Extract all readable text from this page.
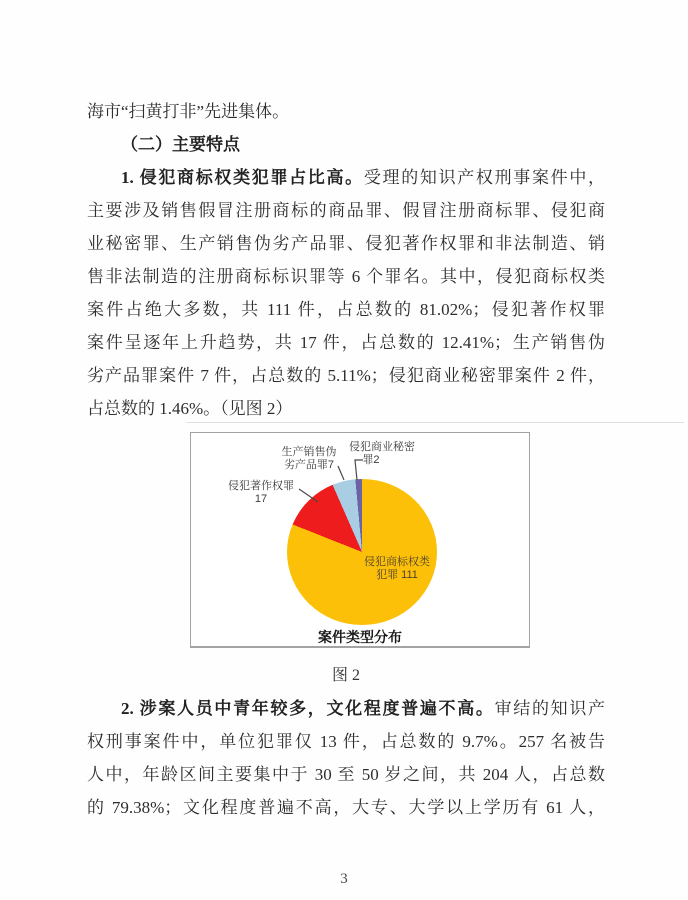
海市“扫黄打非”先进集体。
（二）主要特点
1. 侵犯商标权类犯罪占比高。受理的知识产权刑事案件中，
主要涉及销售假冒注册商标的商品罪、假冒注册商标罪、侵犯商
业秘密罪、生产销售伪劣产品罪、侵犯著作权罪和非法制造、销
售非法制造的注册商标标识罪等 6 个罪名。其中，侵犯商标权类
案件占绝大多数，共 111 件，占总数的 81.02%；侵犯著作权罪
案件呈逐年上升趋势，共 17 件，占总数的 12.41%；生产销售伪
劣产品罪案件 7 件，占总数的 5.11%；侵犯商业秘密罪案件 2 件，
占总数的 1.46%。（见图 2）
生产销售伪
劣产品罪7
侵犯商业秘密
罪2
侵犯著作权罪
17
侵犯商标权类
犯罪 111
案件类型分布
图 2
2. 涉案人员中青年较多，文化程度普遍不高。审结的知识产
权刑事案件中，单位犯罪仅 13 件，占总数的 9.7%。257 名被告
人中，年龄区间主要集中于 30 至 50 岁之间，共 204 人，占总数
的 79.38%；文化程度普遍不高，大专、大学以上学历有 61 人，
3
